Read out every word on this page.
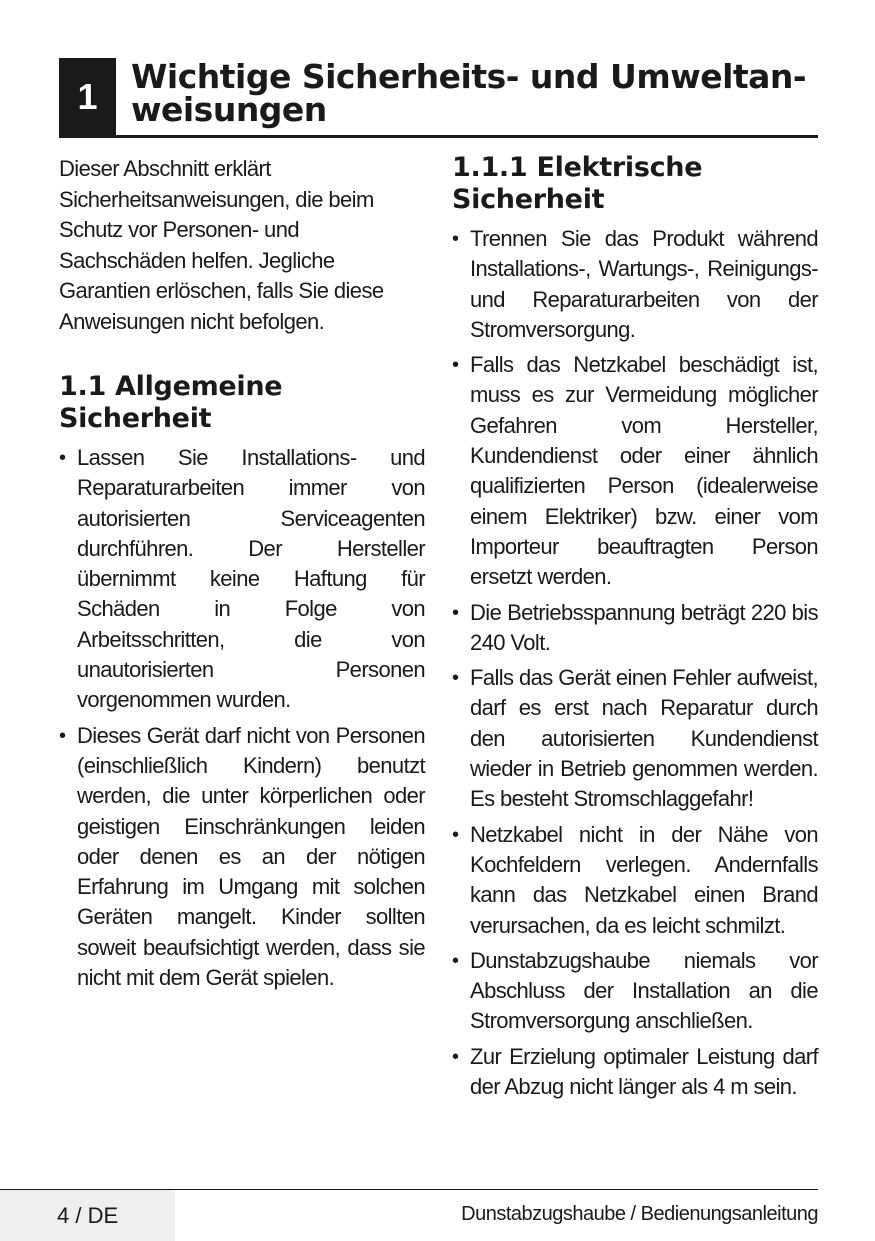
1	Wichtige Sicherheits- und Umweltan-
weisungen

Dieser Abschnitt erklärt Sicherheitsanweisungen, die beim Schutz vor Personen- und Sachschäden helfen. Jegliche Garantien erlöschen, falls Sie diese Anweisungen nicht befolgen.

1.1 Allgemeine
Sicherheit
• Lassen Sie Installations- und Reparaturarbeiten immer von autorisierten Serviceagenten durchführen. Der Hersteller übernimmt keine Haftung für Schäden in Folge von Arbeitsschritten, die von unautorisierten Personen vorgenommen wurden.
• Dieses Gerät darf nicht von Personen (einschließlich Kindern) benutzt werden, die unter körperlichen oder geistigen Einschränkungen leiden oder denen es an der nötigen Erfahrung im Umgang mit solchen Geräten mangelt. Kinder sollten soweit beaufsichtigt werden, dass sie nicht mit dem Gerät spielen.
1.1.1 Elektrische
Sicherheit
• Trennen Sie das Produkt während Installations-, Wartungs-, Reinigungs- und Reparaturarbeiten von der Stromversorgung.
• Falls das Netzkabel beschädigt ist, muss es zur Vermeidung möglicher Gefahren vom Hersteller, Kundendienst oder einer ähnlich qualifizierten Person (idealerweise einem Elektriker) bzw. einer vom Importeur beauftragten Person ersetzt werden.
• Die Betriebsspannung beträgt 220 bis 240 Volt.
• Falls das Gerät einen Fehler aufweist, darf es erst nach Reparatur durch den autorisierten Kundendienst wieder in Betrieb genommen werden. Es besteht Stromschlaggefahr!
• Netzkabel nicht in der Nähe von Kochfeldern verlegen. Andernfalls kann das Netzkabel einen Brand verursachen, da es leicht schmilzt.
• Dunstabzugshaube niemals vor Abschluss der Installation an die Stromversorgung anschließen.
• Zur Erzielung optimaler Leistung darf der Abzug nicht länger als 4 m sein.
4 / DE	Dunstabzugshaube / Bedienungsanleitung
